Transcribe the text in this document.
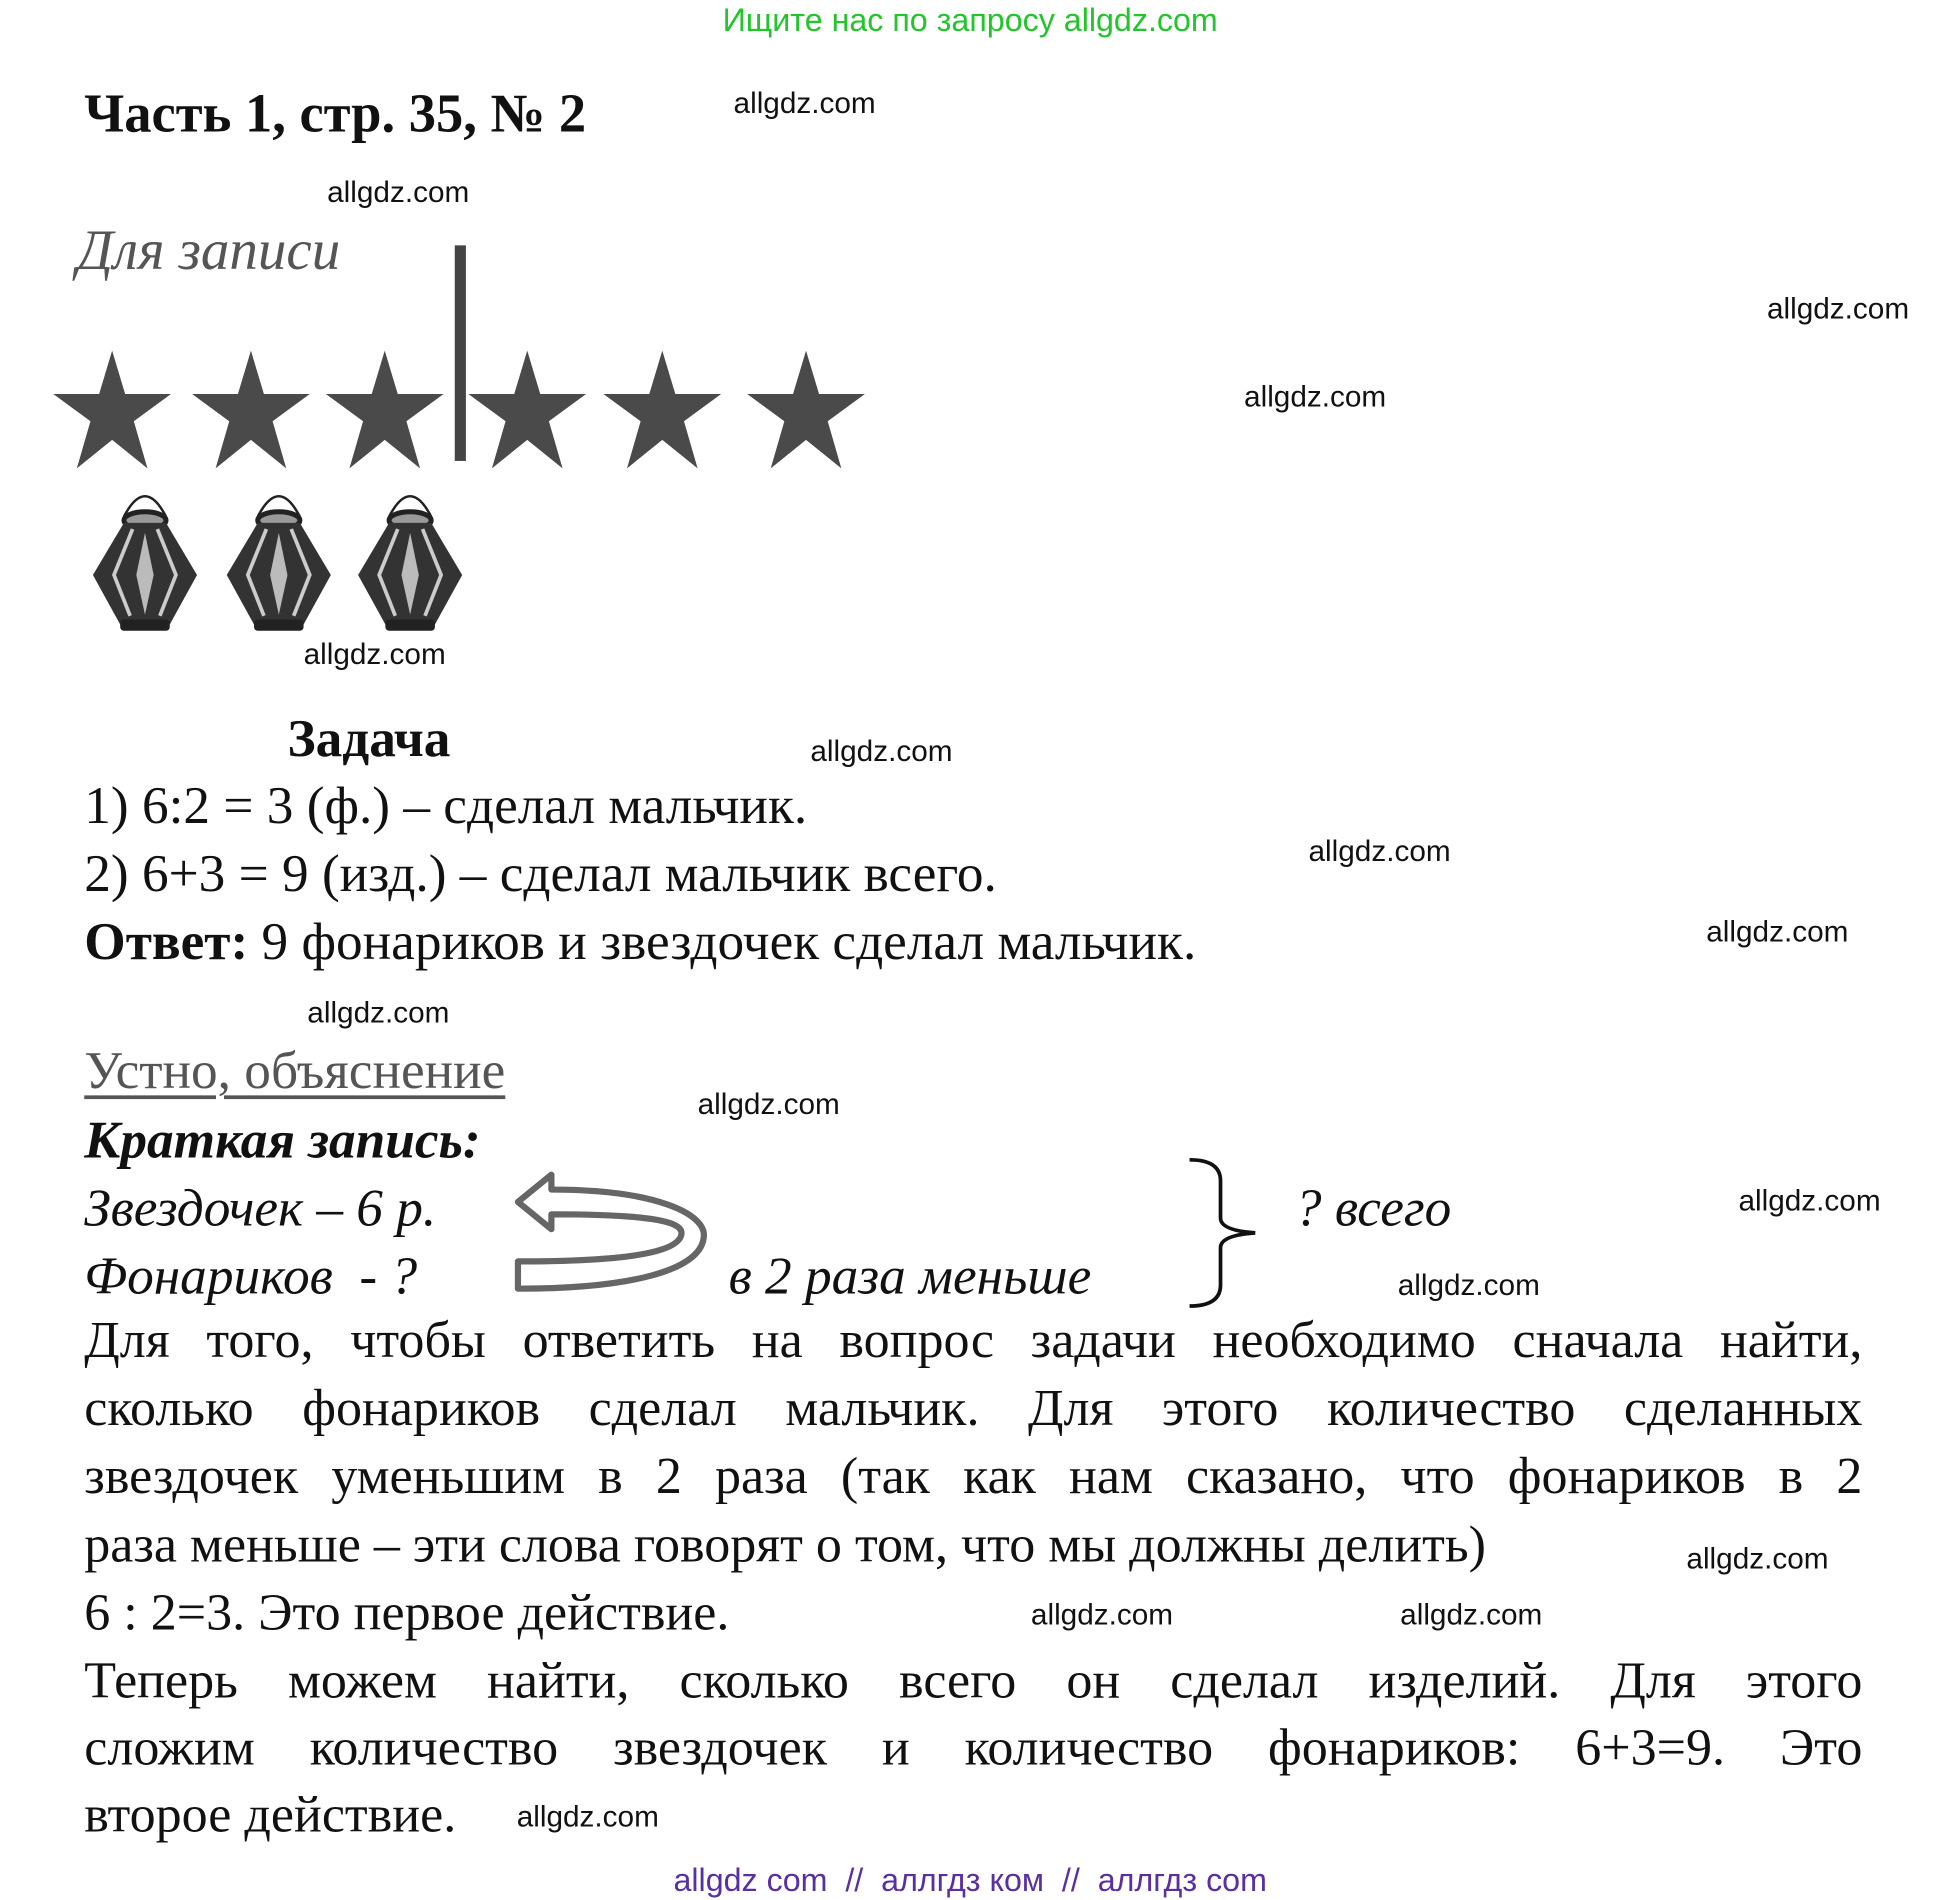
Ищите нас по запросу allgdz.com
Часть 1, стр. 35, № 2
Для записи
Задача
1) 6:2 = 3 (ф.) – сделал мальчик.
2) 6+3 = 9 (изд.) – сделал мальчик всего.
Ответ: 9 фонариков и звездочек сделал мальчик.
Устно, объяснение
Краткая запись:
Звездочек – 6 р.
Фонариков  - ?	в 2 раза меньше
? всего
Для того, чтобы ответить на вопрос задачи необходимо сначала найти,
сколько фонариков сделал мальчик. Для этого количество сделанных
звездочек уменьшим в 2 раза (так как нам сказано, что фонариков в 2
раза меньше – эти слова говорят о том, что мы должны делить)
6 : 2=3. Это первое действие.
Теперь можем найти, сколько всего он сделал изделий. Для этого
сложим количество звездочек и количество фонариков: 6+3=9. Это
второе действие.
allgdz.com
allgdz.com
allgdz.com
allgdz.com
allgdz.com
allgdz.com
allgdz.com
allgdz.com
allgdz.com
allgdz.com
allgdz.com
allgdz.com
allgdz.com
allgdz.com	allgdz.com
allgdz.com
allgdz com  //  аллгдз ком  //  аллгдз com
